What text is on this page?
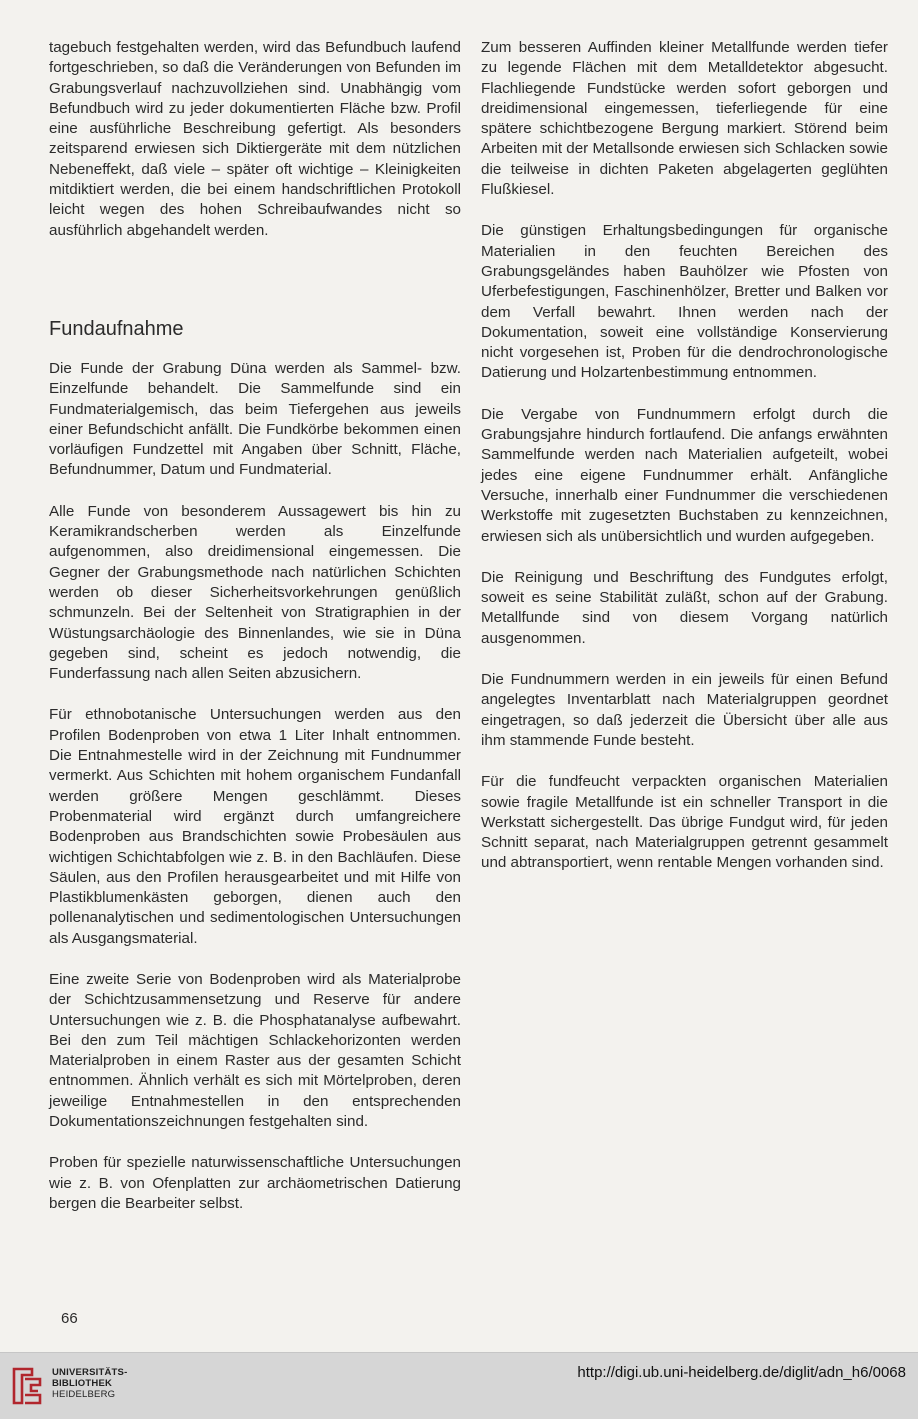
tagebuch festgehalten werden, wird das Befundbuch laufend fortgeschrieben, so daß die Veränderungen von Befunden im Grabungsverlauf nachzuvollziehen sind. Unabhängig vom Befundbuch wird zu jeder dokumentierten Fläche bzw. Profil eine ausführliche Beschreibung gefertigt. Als besonders zeitsparend erwiesen sich Diktiergeräte mit dem nützlichen Nebeneffekt, daß viele – später oft wichtige – Kleinigkeiten mitdiktiert werden, die bei einem handschriftlichen Protokoll leicht wegen des hohen Schreibaufwandes nicht so ausführlich abgehandelt werden.

Fundaufnahme

Die Funde der Grabung Düna werden als Sammel- bzw. Einzelfunde behandelt. Die Sammelfunde sind ein Fundmaterialgemisch, das beim Tiefergehen aus jeweils einer Befundschicht anfällt. Die Fundkörbe bekommen einen vorläufigen Fundzettel mit Angaben über Schnitt, Fläche, Befundnummer, Datum und Fundmaterial.

Alle Funde von besonderem Aussagewert bis hin zu Keramikrandscherben werden als Einzelfunde aufgenommen, also dreidimensional eingemessen. Die Gegner der Grabungsmethode nach natürlichen Schichten werden ob dieser Sicherheitsvorkehrungen genüßlich schmunzeln. Bei der Seltenheit von Stratigraphien in der Wüstungsarchäologie des Binnenlandes, wie sie in Düna gegeben sind, scheint es jedoch notwendig, die Funderfassung nach allen Seiten abzusichern.

Für ethnobotanische Untersuchungen werden aus den Profilen Bodenproben von etwa 1 Liter Inhalt entnommen. Die Entnahmestelle wird in der Zeichnung mit Fundnummer vermerkt. Aus Schichten mit hohem organischem Fundanfall werden größere Mengen geschlämmt. Dieses Probenmaterial wird ergänzt durch umfangreichere Bodenproben aus Brandschichten sowie Probesäulen aus wichtigen Schichtabfolgen wie z. B. in den Bachläufen. Diese Säulen, aus den Profilen herausgearbeitet und mit Hilfe von Plastikblumenkästen geborgen, dienen auch den pollenanalytischen und sedimentologischen Untersuchungen als Ausgangsmaterial.

Eine zweite Serie von Bodenproben wird als Materialprobe der Schichtzusammensetzung und Reserve für andere Untersuchungen wie z. B. die Phosphatanalyse aufbewahrt. Bei den zum Teil mächtigen Schlackehorizonten werden Materialproben in einem Raster aus der gesamten Schicht entnommen. Ähnlich verhält es sich mit Mörtelproben, deren jeweilige Entnahmestellen in den entsprechenden Dokumentationszeichnungen festgehalten sind.

Proben für spezielle naturwissenschaftliche Untersuchungen wie z. B. von Ofenplatten zur archäometrischen Datierung bergen die Bearbeiter selbst.

Zum besseren Auffinden kleiner Metallfunde werden tiefer zu legende Flächen mit dem Metalldetektor abgesucht. Flachliegende Fundstücke werden sofort geborgen und dreidimensional eingemessen, tieferliegende für eine spätere schichtbezogene Bergung markiert. Störend beim Arbeiten mit der Metallsonde erwiesen sich Schlacken sowie die teilweise in dichten Paketen abgelagerten geglühten Flußkiesel.

Die günstigen Erhaltungsbedingungen für organische Materialien in den feuchten Bereichen des Grabungsgeländes haben Bauhölzer wie Pfosten von Uferbefestigungen, Faschinenhölzer, Bretter und Balken vor dem Verfall bewahrt. Ihnen werden nach der Dokumentation, soweit eine vollständige Konservierung nicht vorgesehen ist, Proben für die dendrochronologische Datierung und Holzartenbestimmung entnommen.

Die Vergabe von Fundnummern erfolgt durch die Grabungsjahre hindurch fortlaufend. Die anfangs erwähnten Sammelfunde werden nach Materialien aufgeteilt, wobei jedes eine eigene Fundnummer erhält. Anfängliche Versuche, innerhalb einer Fundnummer die verschiedenen Werkstoffe mit zugesetzten Buchstaben zu kennzeichnen, erwiesen sich als unübersichtlich und wurden aufgegeben.

Die Reinigung und Beschriftung des Fundgutes erfolgt, soweit es seine Stabilität zuläßt, schon auf der Grabung. Metallfunde sind von diesem Vorgang natürlich ausgenommen.

Die Fundnummern werden in ein jeweils für einen Befund angelegtes Inventarblatt nach Materialgruppen geordnet eingetragen, so daß jederzeit die Übersicht über alle aus ihm stammende Funde besteht.

Für die fundfeucht verpackten organischen Materialien sowie fragile Metallfunde ist ein schneller Transport in die Werkstatt sichergestellt. Das übrige Fundgut wird, für jeden Schnitt separat, nach Materialgruppen getrennt gesammelt und abtransportiert, wenn rentable Mengen vorhanden sind.

66
UNIVERSITÄTS-
BIBLIOTHEK
HEIDELBERG
http://digi.ub.uni-heidelberg.de/diglit/adn_h6/0068
